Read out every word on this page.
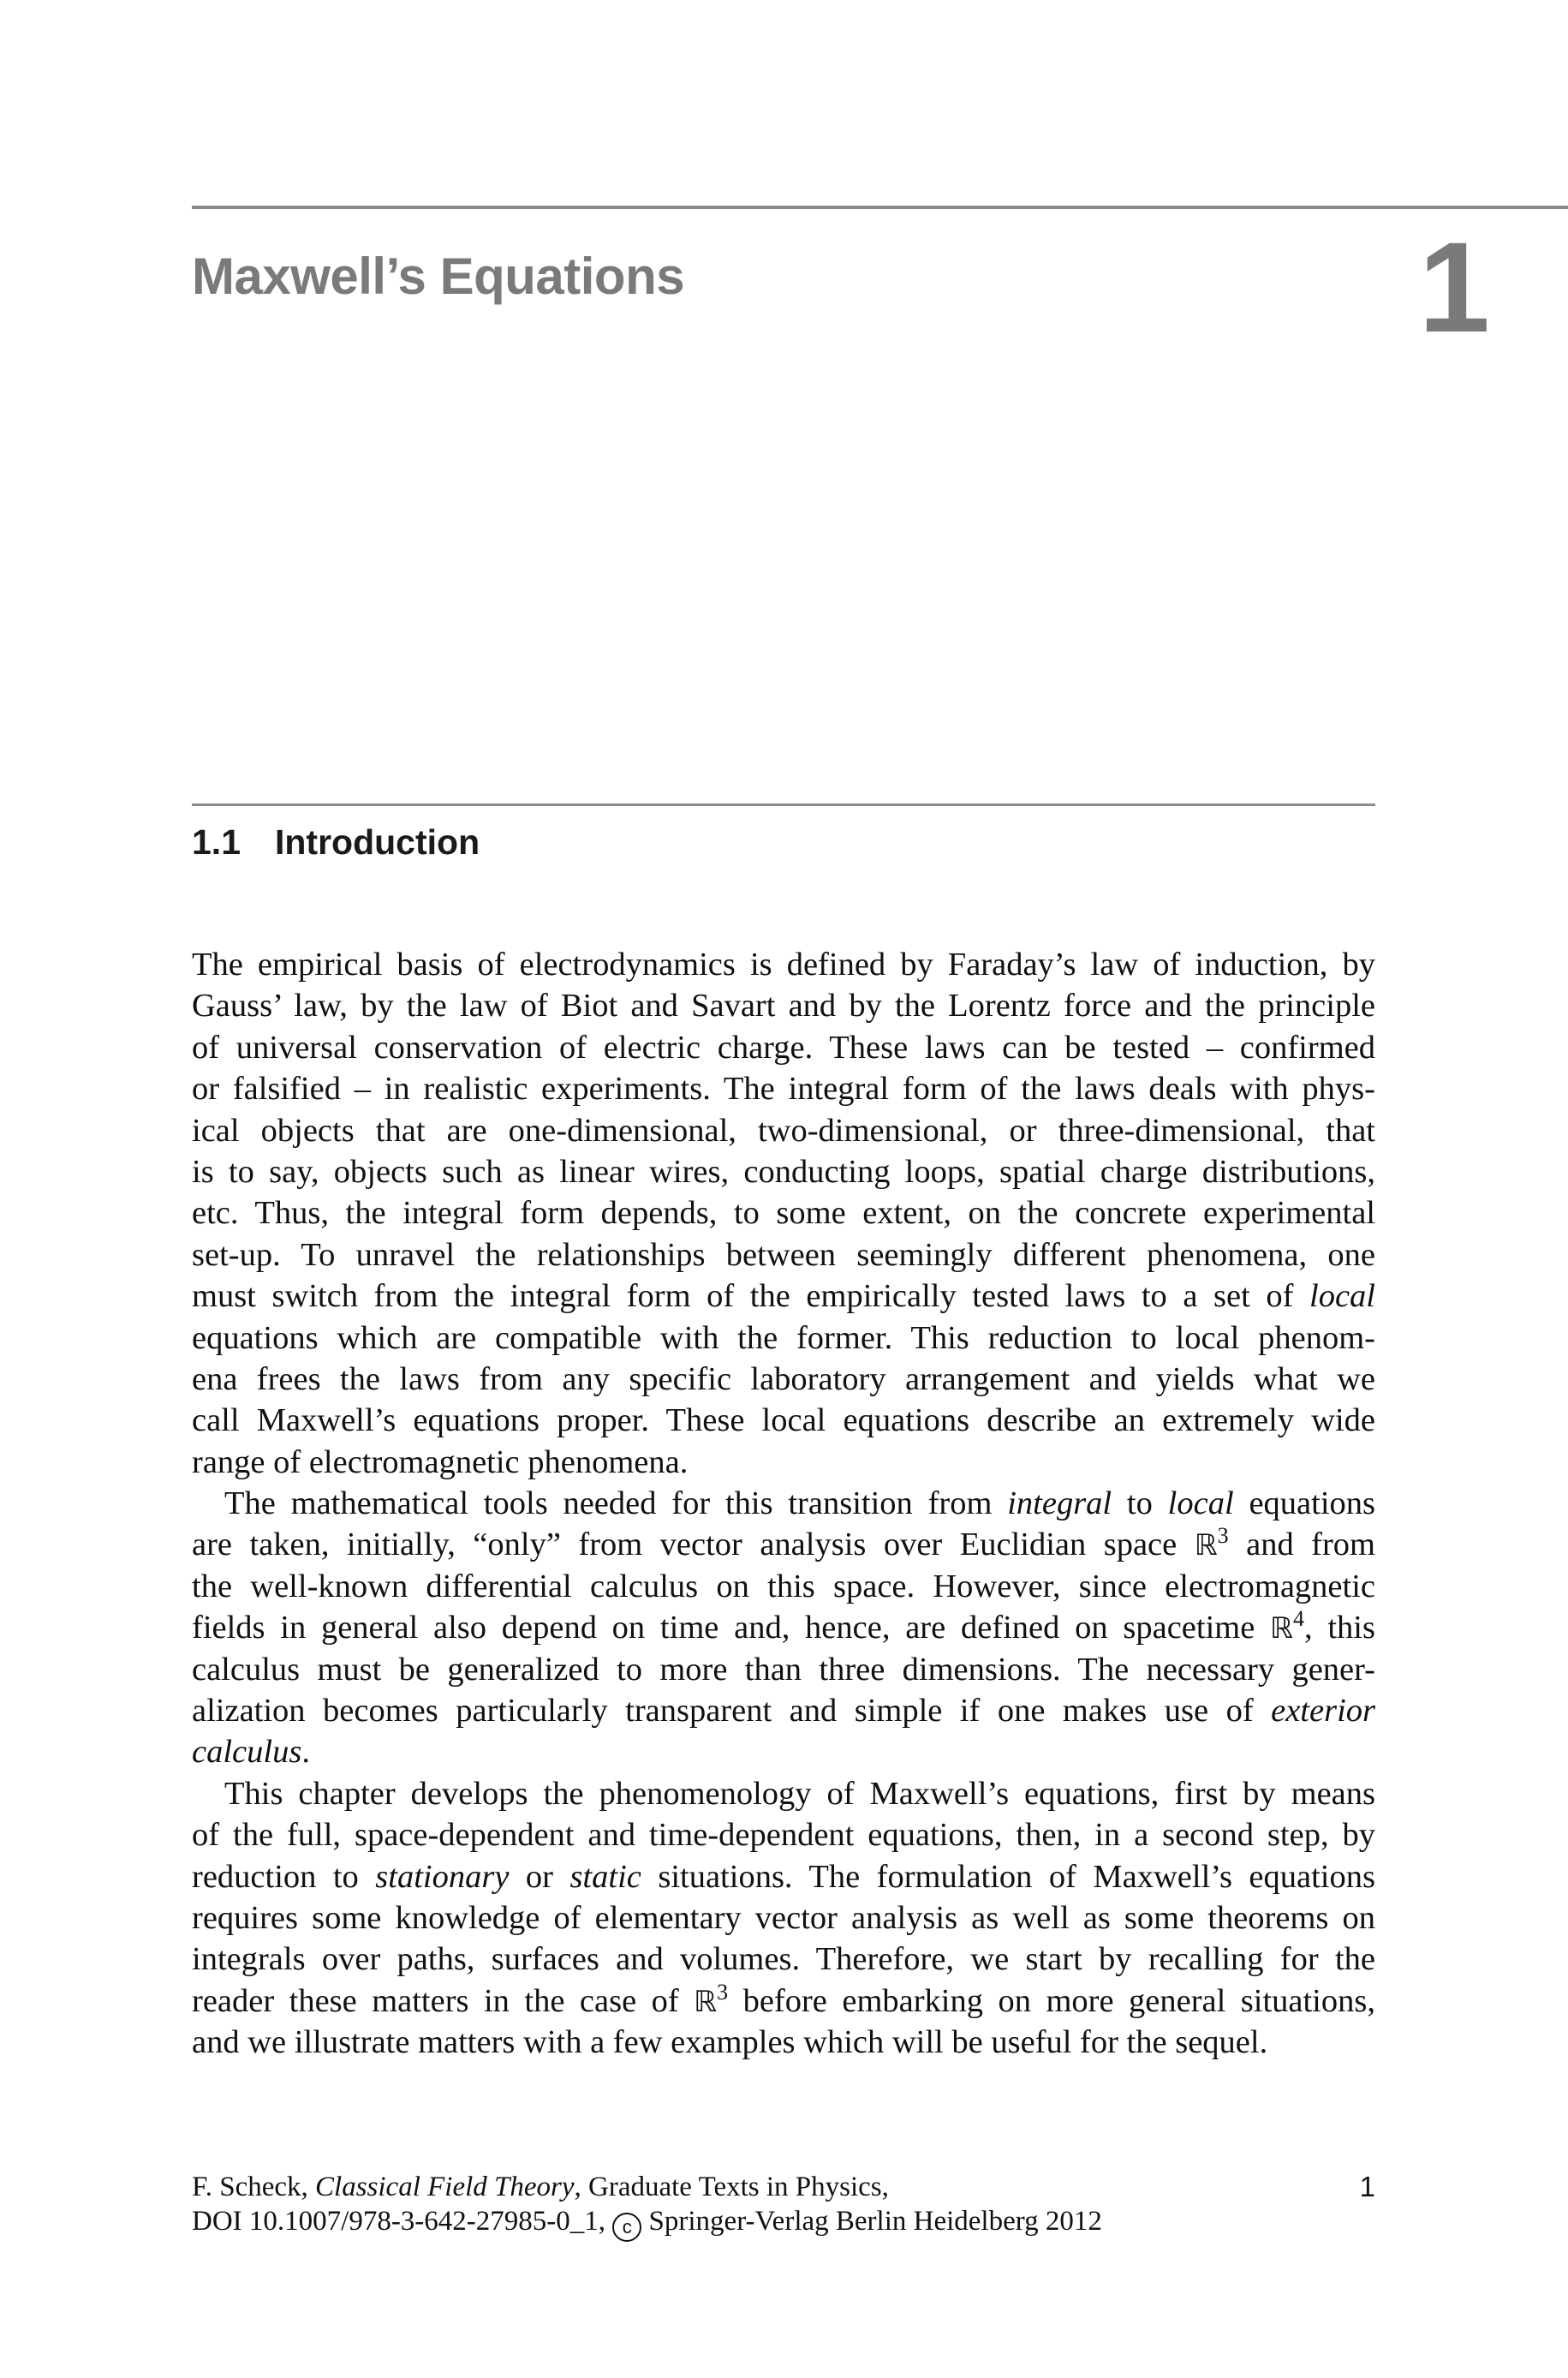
Maxwell’s Equations	1
1.1 Introduction
The empirical basis of electrodynamics is defined by Faraday’s law of induction, by
Gauss’ law, by the law of Biot and Savart and by the Lorentz force and the principle
of universal conservation of electric charge. These laws can be tested – confirmed
or falsified – in realistic experiments. The integral form of the laws deals with phys-
ical objects that are one-dimensional, two-dimensional, or three-dimensional, that
is to say, objects such as linear wires, conducting loops, spatial charge distributions,
etc. Thus, the integral form depends, to some extent, on the concrete experimental
set-up. To unravel the relationships between seemingly different phenomena, one
must switch from the integral form of the empirically tested laws to a set of local
equations which are compatible with the former. This reduction to local phenom-
ena frees the laws from any specific laboratory arrangement and yields what we
call Maxwell’s equations proper. These local equations describe an extremely wide
range of electromagnetic phenomena.
The mathematical tools needed for this transition from integral to local equations
are taken, initially, “only” from vector analysis over Euclidian space ℝ$^3$ and from
the well-known differential calculus on this space. However, since electromagnetic
fields in general also depend on time and, hence, are defined on spacetime ℝ$^4$, this
calculus must be generalized to more than three dimensions. The necessary gener-
alization becomes particularly transparent and simple if one makes use of exterior
calculus.
This chapter develops the phenomenology of Maxwell’s equations, first by means
of the full, space-dependent and time-dependent equations, then, in a second step, by
reduction to stationary or static situations. The formulation of Maxwell’s equations
requires some knowledge of elementary vector analysis as well as some theorems on
integrals over paths, surfaces and volumes. Therefore, we start by recalling for the
reader these matters in the case of ℝ$^3$ before embarking on more general situations,
and we illustrate matters with a few examples which will be useful for the sequel.
F. Scheck, Classical Field Theory, Graduate Texts in Physics,
DOI 10.1007/978-3-642-27985-0_1, c Springer-Verlag Berlin Heidelberg 2012
1
